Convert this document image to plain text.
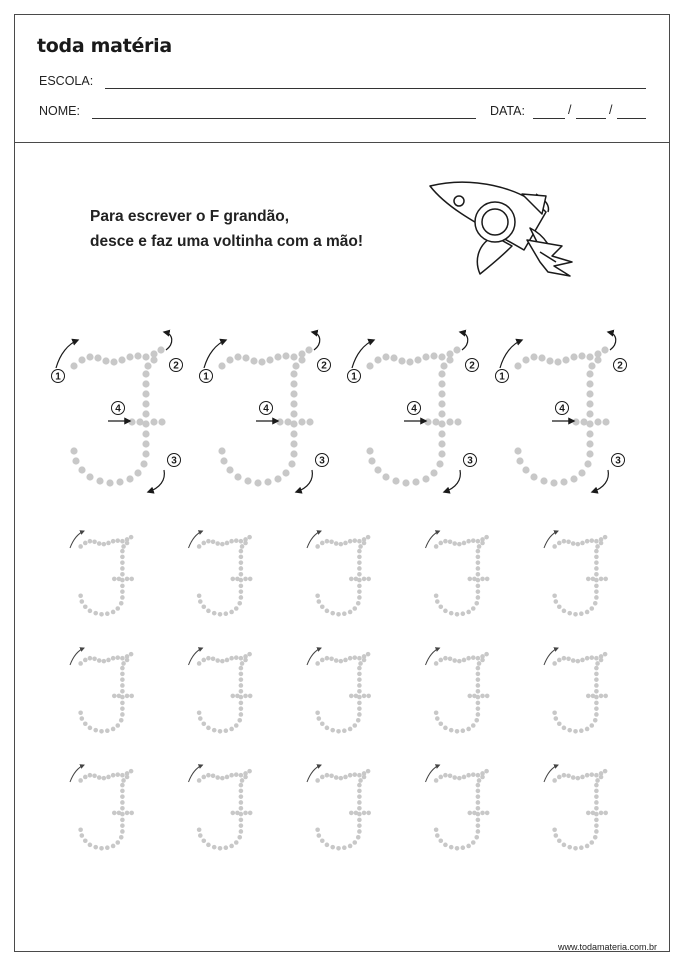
toda matéria
ESCOLA:
NOME:	DATA:	/	/
Para escrever o F grandão,
desce e faz uma voltinha com a mão!
1
2
3
4
1
2
3
4
1
2
3
4
1
2
3
4
www.todamateria.com.br
